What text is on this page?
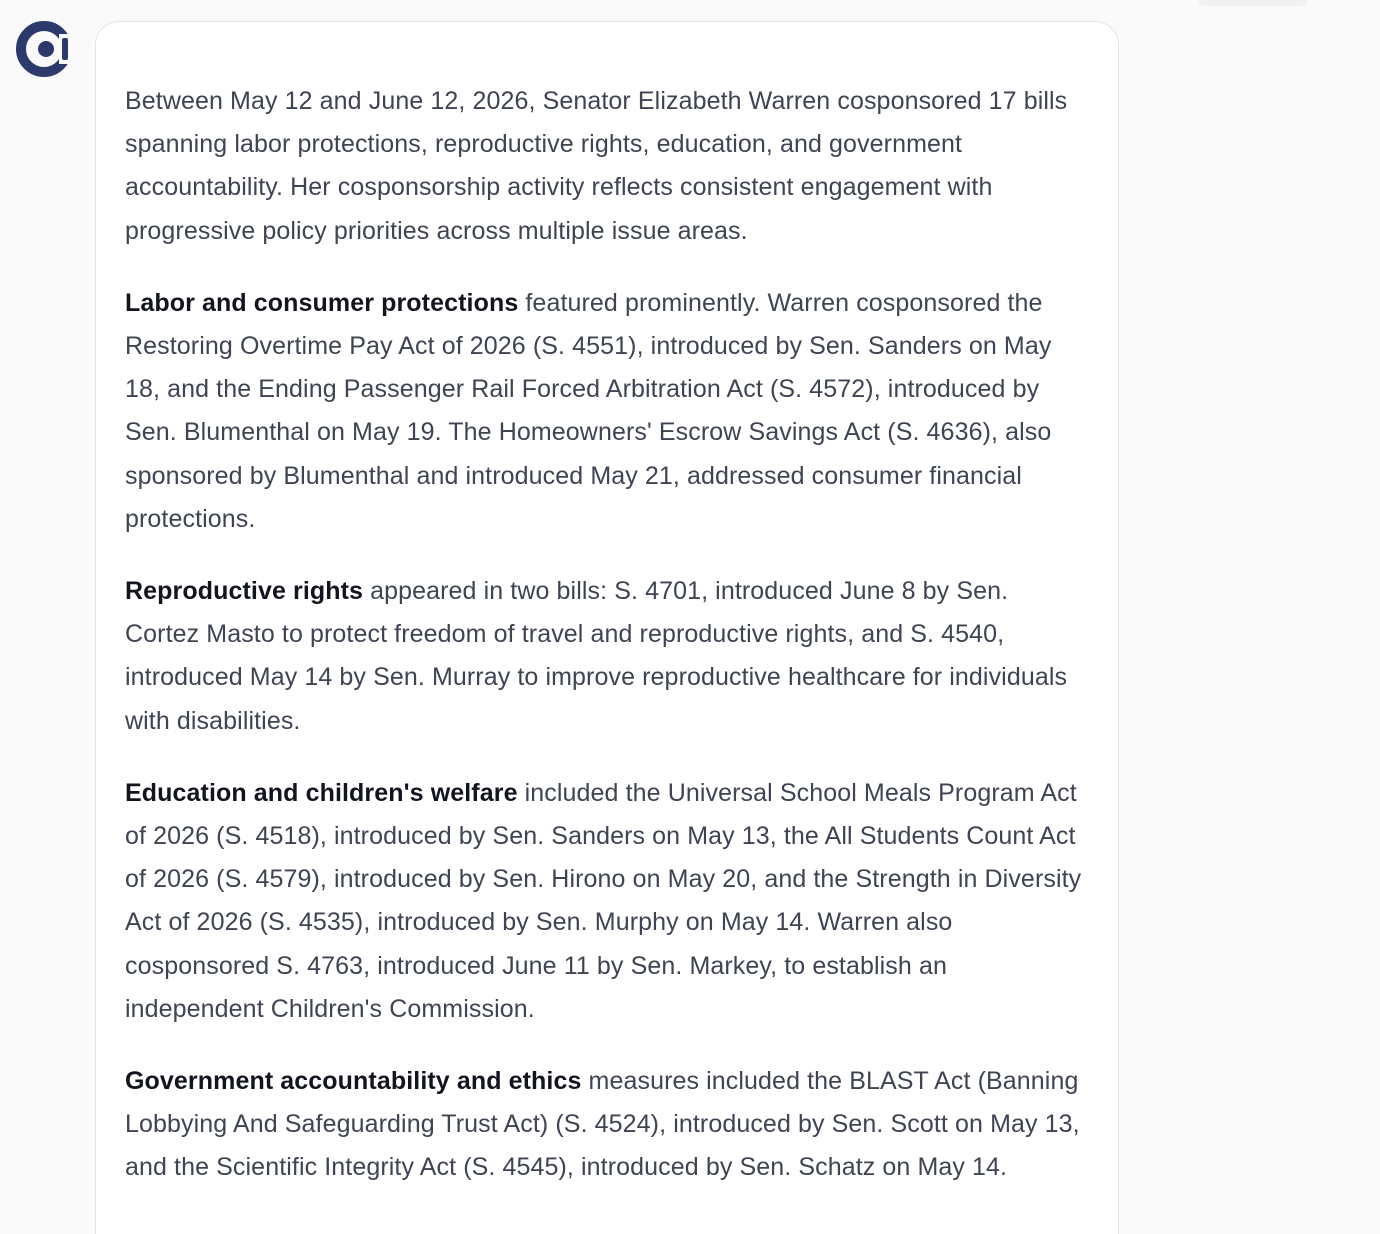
Between May 12 and June 12, 2026, Senator Elizabeth Warren cosponsored 17 bills spanning labor protections, reproductive rights, education, and government accountability. Her cosponsorship activity reflects consistent engagement with progressive policy priorities across multiple issue areas.

Labor and consumer protections featured prominently. Warren cosponsored the Restoring Overtime Pay Act of 2026 (S. 4551), introduced by Sen. Sanders on May 18, and the Ending Passenger Rail Forced Arbitration Act (S. 4572), introduced by Sen. Blumenthal on May 19. The Homeowners' Escrow Savings Act (S. 4636), also sponsored by Blumenthal and introduced May 21, addressed consumer financial protections.

Reproductive rights appeared in two bills: S. 4701, introduced June 8 by Sen. Cortez Masto to protect freedom of travel and reproductive rights, and S. 4540, introduced May 14 by Sen. Murray to improve reproductive healthcare for individuals with disabilities.

Education and children's welfare included the Universal School Meals Program Act of 2026 (S. 4518), introduced by Sen. Sanders on May 13, the All Students Count Act of 2026 (S. 4579), introduced by Sen. Hirono on May 20, and the Strength in Diversity Act of 2026 (S. 4535), introduced by Sen. Murphy on May 14. Warren also cosponsored S. 4763, introduced June 11 by Sen. Markey, to establish an independent Children's Commission.

Government accountability and ethics measures included the BLAST Act (Banning Lobbying And Safeguarding Trust Act) (S. 4524), introduced by Sen. Scott on May 13, and the Scientific Integrity Act (S. 4545), introduced by Sen. Schatz on May 14.
